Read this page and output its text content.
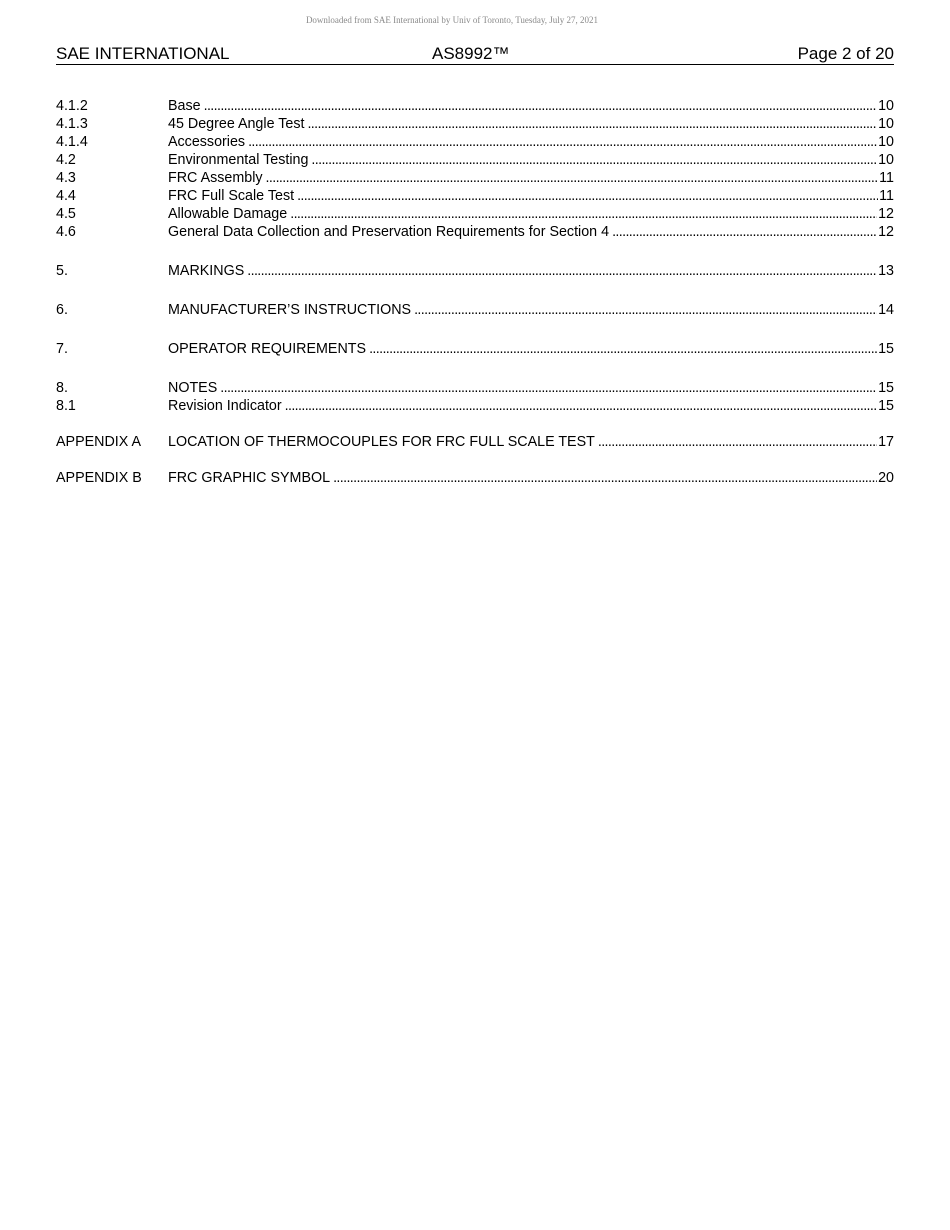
Downloaded from SAE International by Univ of Toronto, Tuesday, July 27, 2021
SAE INTERNATIONAL	AS8992™	Page 2 of 20
4.1.2	Base . . .	10
4.1.3	45 Degree Angle Test . . .	10
4.1.4	Accessories . . .	10
4.2	Environmental Testing . . .	10
4.3	FRC Assembly . . .	11
4.4	FRC Full Scale Test . . .	11
4.5	Allowable Damage . . .	12
4.6	General Data Collection and Preservation Requirements for Section 4 . . .	12
5.	MARKINGS . . .	13
6.	MANUFACTURER’S INSTRUCTIONS . . .	14
7.	OPERATOR REQUIREMENTS . . .	15
8.	NOTES . . .	15
8.1	Revision Indicator . . .	15
APPENDIX A	LOCATION OF THERMOCOUPLES FOR FRC FULL SCALE TEST . . .	17
APPENDIX B	FRC GRAPHIC SYMBOL . . .	20
